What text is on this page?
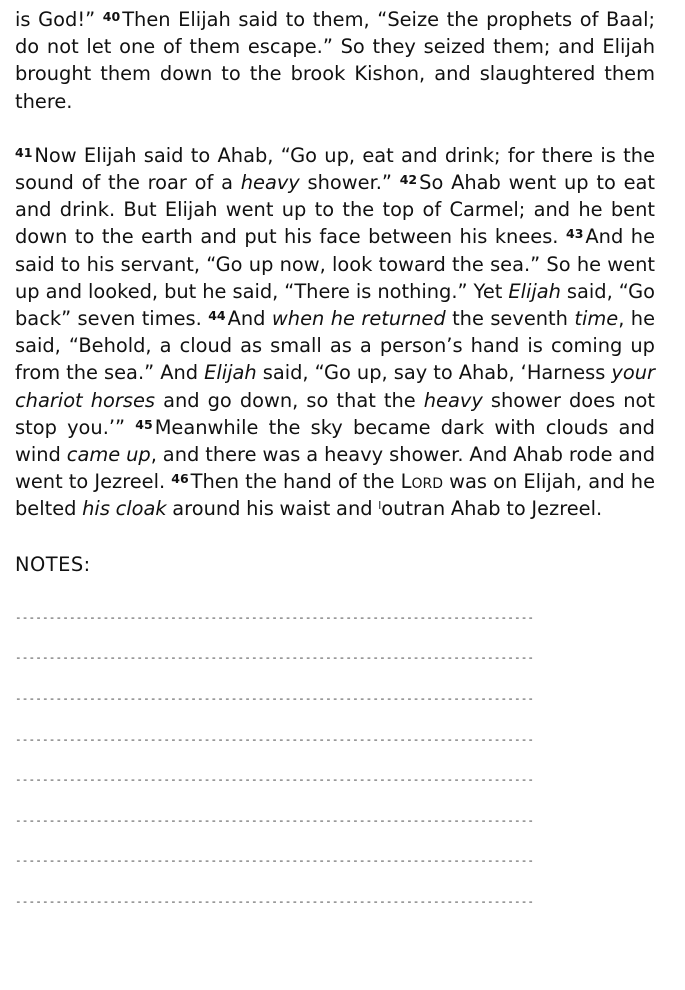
is God!” $^{40}$ Then Elijah said to them, “Seize the prophets of Baal; do not let one of them escape.” So they seized them; and Elijah brought them down to the brook Kishon, and slaughtered them there.

$^{41}$ Now Elijah said to Ahab, “Go up, eat and drink; for there is the sound of the roar of a heavy shower.” $^{42}$ So Ahab went up to eat and drink. But Elijah went up to the top of Carmel; and he bent down to the earth and put his face between his knees. $^{43}$ And he said to his servant, “Go up now, look toward the sea.” So he went up and looked, but he said, “There is nothing.” Yet Elijah said, “Go back” seven times. $^{44}$ And when he returned the seventh time, he said, “Behold, a cloud as small as a person’s hand is coming up from the sea.” And Elijah said, “Go up, say to Ahab, ‘Harness your chariot horses and go down, so that the heavy shower does not stop you.’” $^{45}$ Meanwhile the sky became dark with clouds and wind came up, and there was a heavy shower. And Ahab rode and went to Jezreel. $^{46}$ Then the hand of the Lord was on Elijah, and he belted his cloak around his waist and $^l$outran Ahab to Jezreel.

NOTES:
-----------------------------------------------------------------------------
-----------------------------------------------------------------------------
-----------------------------------------------------------------------------
-----------------------------------------------------------------------------
-----------------------------------------------------------------------------
-----------------------------------------------------------------------------
-----------------------------------------------------------------------------
-----------------------------------------------------------------------------
